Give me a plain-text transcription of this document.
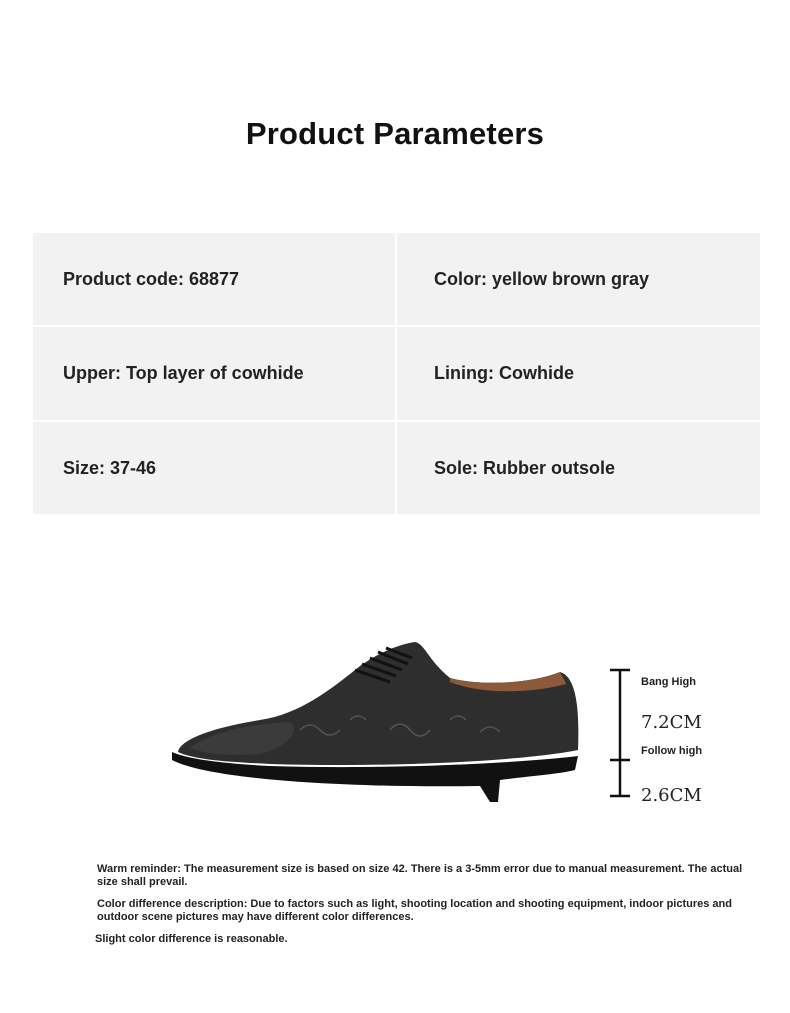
Product Parameters
Product code: 68877	Color: yellow brown gray
Upper: Top layer of cowhide	Lining: Cowhide
Size: 37-46	Sole: Rubber outsole
Bang High
7.2CM
Follow high
2.6CM

Warm reminder: The measurement size is based on size 42. There is a 3-5mm error due to manual measurement. The actual size shall prevail.

Color difference description: Due to factors such as light, shooting location and shooting equipment, indoor pictures and outdoor scene pictures may have different color differences.

Slight color difference is reasonable.
